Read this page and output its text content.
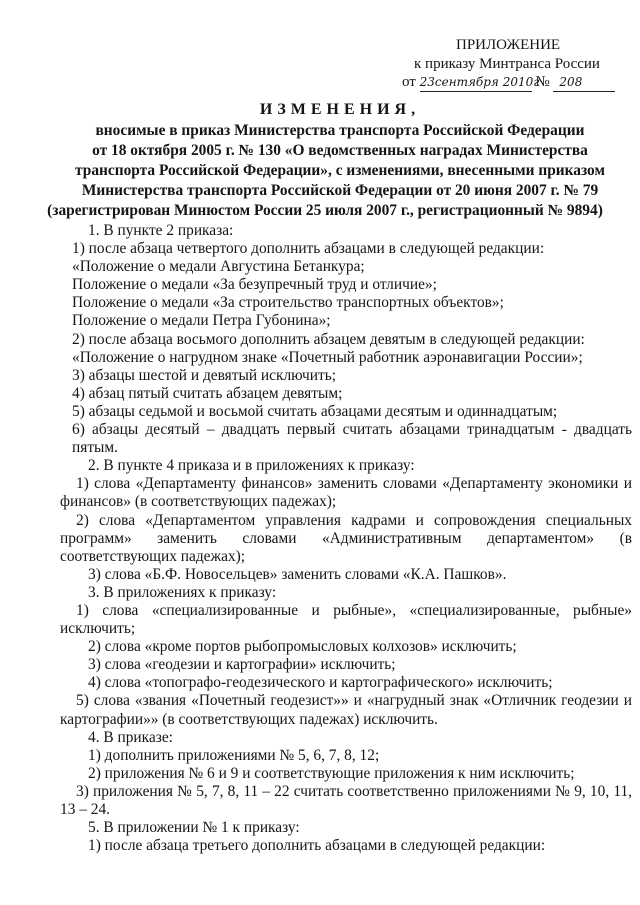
ПРИЛОЖЕНИЕ
к приказу Минтранса России
от 23сентября 2010г № 208
ИЗМЕНЕНИЯ,
вносимые в приказ Министерства транспорта Российской Федерации
от 18 октября 2005 г. № 130 «О ведомственных наградах Министерства
транспорта Российской Федерации», с изменениями, внесенными приказом
Министерства транспорта Российской Федерации от 20 июня 2007 г. № 79
(зарегистрирован Минюстом России 25 июля 2007 г., регистрационный № 9894)

1. В пункте 2 приказа:

1) после абзаца четвертого дополнить абзацами в следующей редакции:

«Положение о медали Августина Бетанкура;

Положение о медали «За безупречный труд и отличие»;

Положение о медали «За строительство транспортных объектов»;

Положение о медали Петра Губонина»;

2) после абзаца восьмого дополнить абзацем девятым в следующей редакции:

«Положение о нагрудном знаке «Почетный работник аэронавигации России»;

3) абзацы шестой и девятый исключить;

4) абзац пятый считать абзацем девятым;

5) абзацы седьмой и восьмой считать абзацами десятым и одиннадцатым;

6) абзацы десятый – двадцать первый считать абзацами тринадцатым - двадцать пятым.

2. В пункте 4 приказа и в приложениях к приказу:

1) слова «Департаменту финансов» заменить словами «Департаменту экономики и финансов» (в соответствующих падежах);

2) слова «Департаментом управления кадрами и сопровождения специальных программ» заменить словами «Административным департаментом» (в соответствующих падежах);

3) слова «Б.Ф. Новосельцев» заменить словами «К.А. Пашков».

3. В приложениях к приказу:

1) слова «специализированные и рыбные», «специализированные, рыбные» исключить;

2) слова «кроме портов рыбопромысловых колхозов» исключить;

3) слова «геодезии и картографии» исключить;

4) слова «топографо-геодезического и картографического» исключить;

5) слова «звания «Почетный геодезист»» и «нагрудный знак «Отличник геодезии и картографии»» (в соответствующих падежах) исключить.

4. В приказе:

1) дополнить приложениями № 5, 6, 7, 8, 12;

2) приложения № 6 и 9 и соответствующие приложения к ним исключить;

3) приложения № 5, 7, 8, 11 – 22 считать соответственно приложениями № 9, 10, 11, 13 – 24.

5. В приложении № 1 к приказу:

1) после абзаца третьего дополнить абзацами в следующей редакции:
